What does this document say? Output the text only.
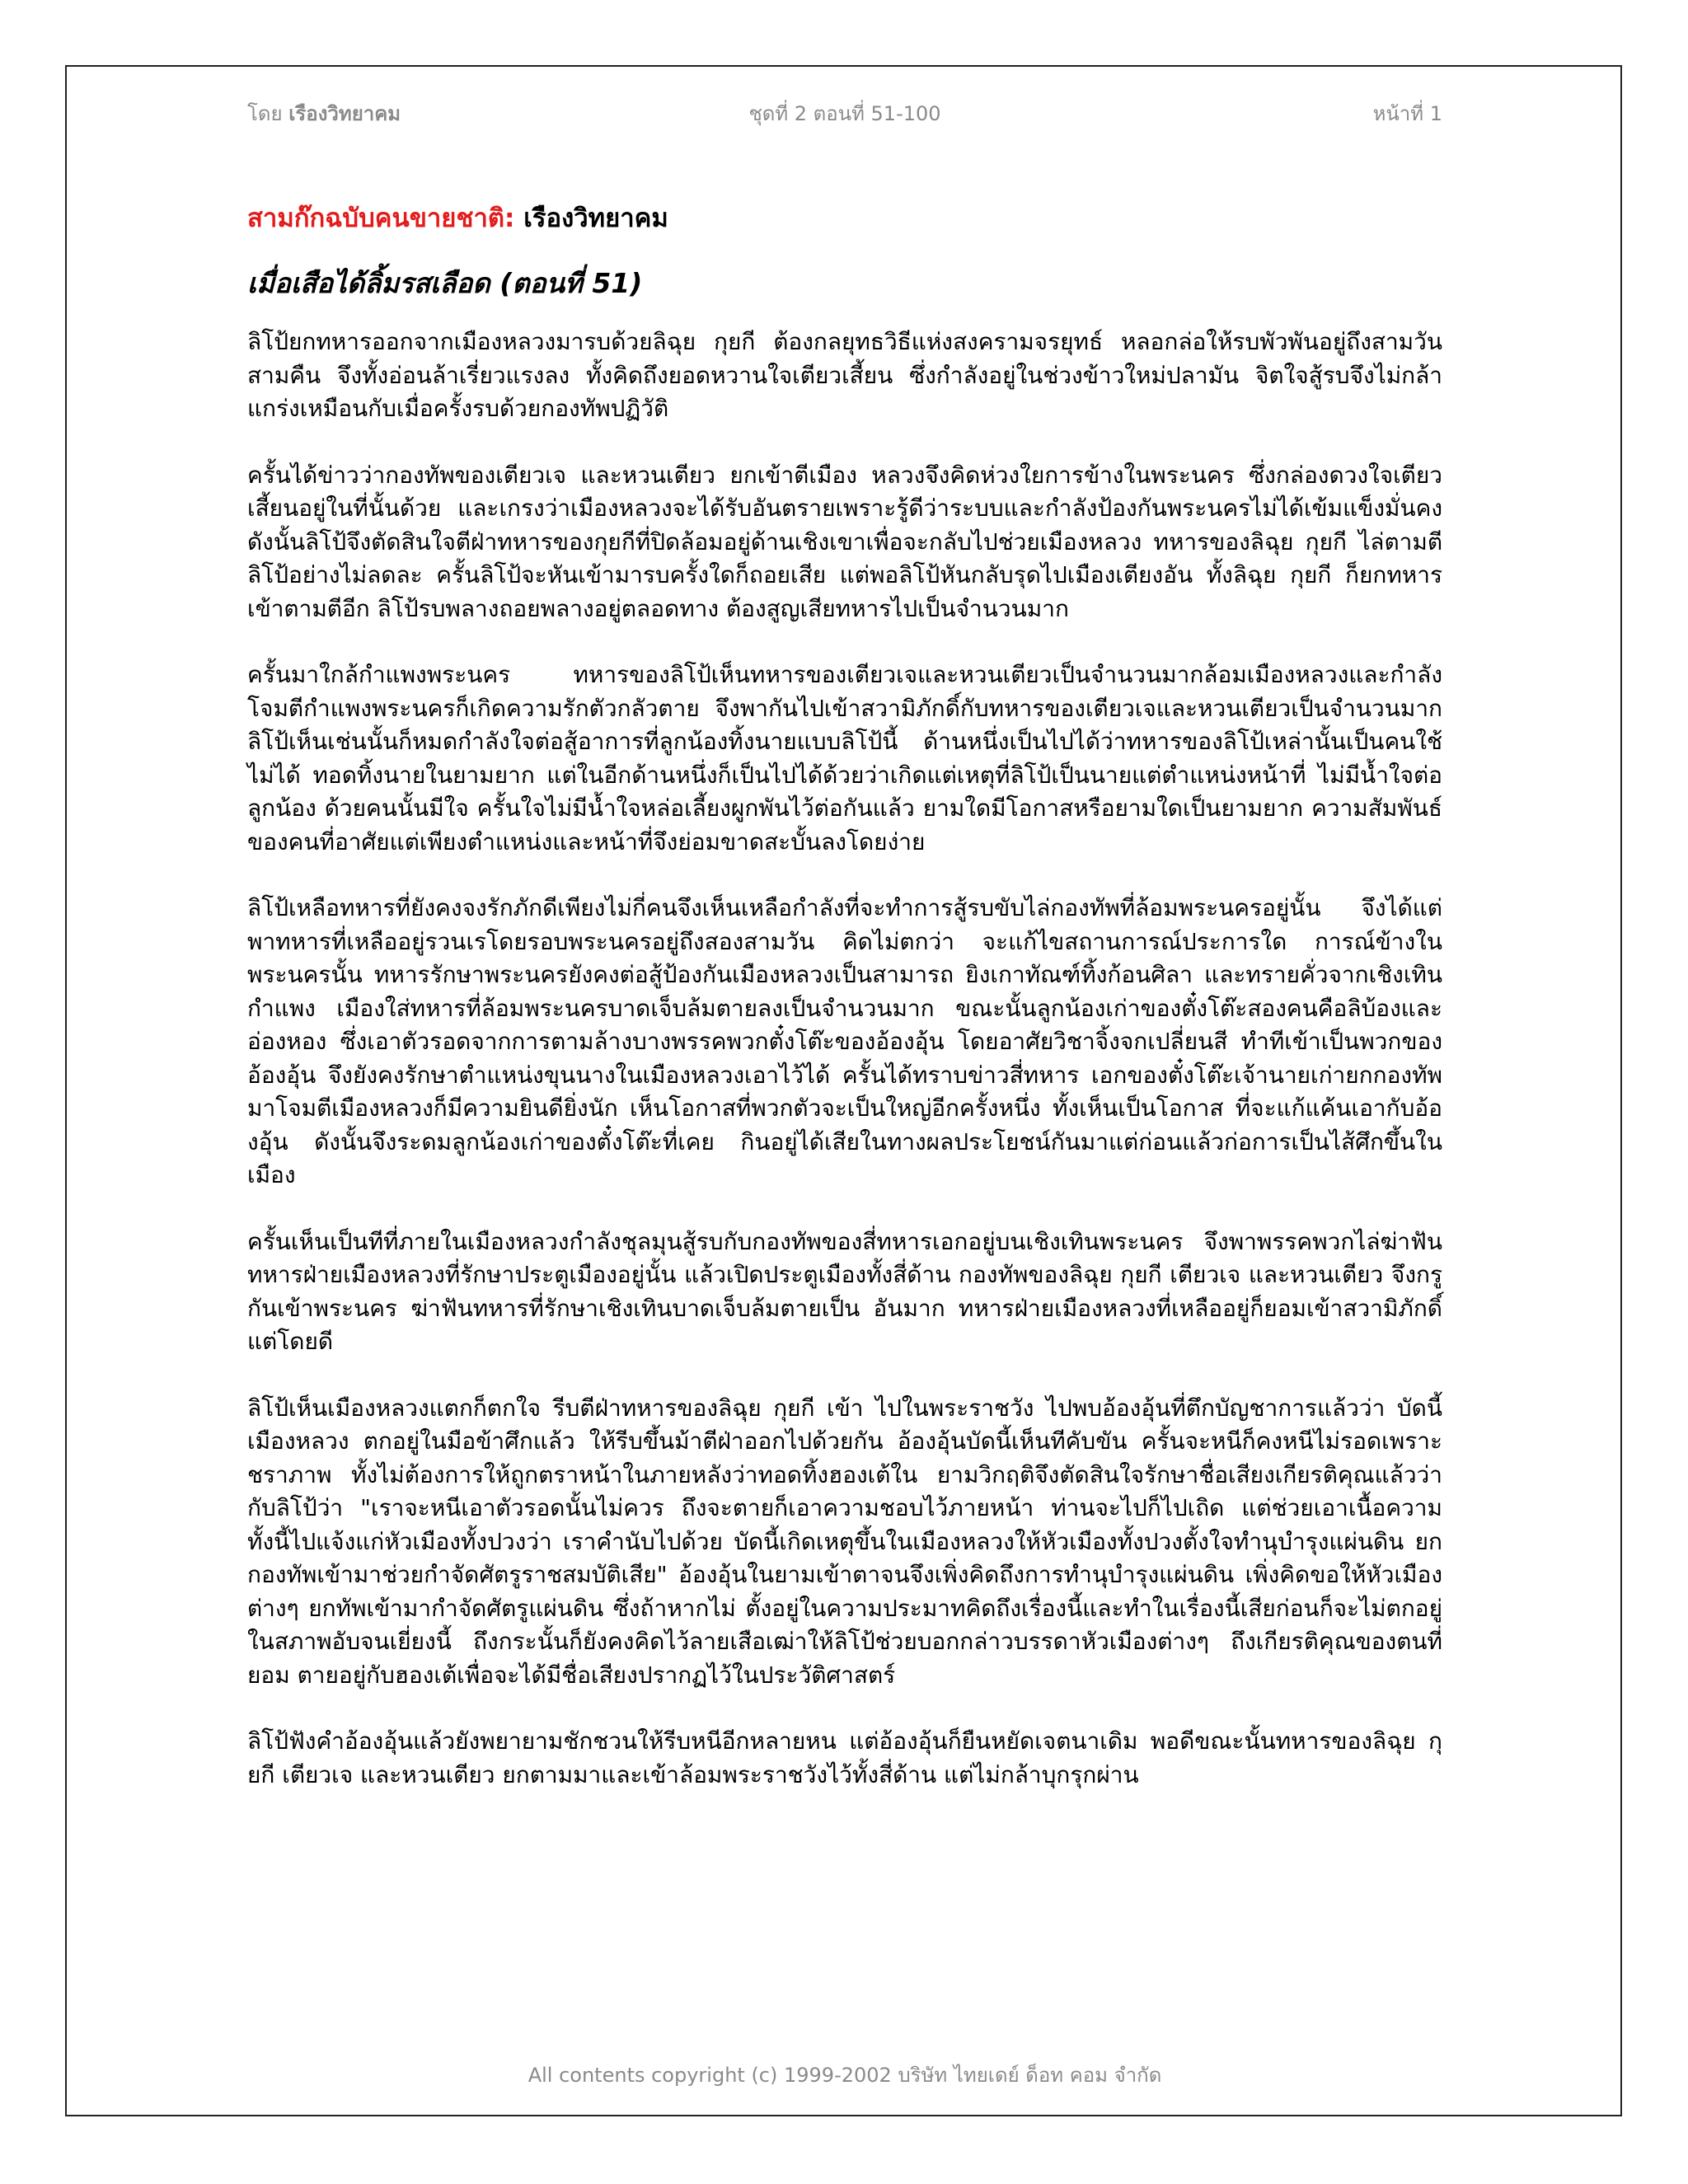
โดย เรืองวิทยาคม	ชุดที่ 2 ตอนที่ 51-100	หน้าที่ 1
สามก๊กฉบับคนขายชาติ: เรืองวิทยาคม
เมื่อเสือได้ลิ้มรสเลือด (ตอนที่ 51)

ลิโป้ยกทหารออกจากเมืองหลวงมารบด้วยลิฉุย กุยกี ต้องกลยุทธวิธีแห่งสงครามจรยุทธ์ หลอกล่อให้รบพัวพันอยู่ถึงสามวันสามคืน จึงทั้งอ่อนล้าเรี่ยวแรงลง ทั้งคิดถึงยอดหวานใจเตียวเสี้ยน ซึ่งกำลังอยู่ในช่วงข้าวใหม่ปลามัน จิตใจสู้รบจึงไม่กล้าแกร่งเหมือนกับเมื่อครั้งรบด้วยกองทัพปฏิวัติ

ครั้นได้ข่าวว่ากองทัพของเตียวเจ และหวนเตียว ยกเข้าตีเมือง หลวงจึงคิดห่วงใยการข้างในพระนคร ซึ่งกล่องดวงใจเตียวเสี้ยนอยู่ในที่นั้นด้วย และเกรงว่าเมืองหลวงจะได้รับอันตรายเพราะรู้ดีว่าระบบและกำลังป้องกันพระนครไม่ได้เข้มแข็งมั่นคง ดังนั้นลิโป้จึงตัดสินใจตีฝ่าทหารของกุยกีที่ปิดล้อมอยู่ด้านเชิงเขาเพื่อจะกลับไปช่วยเมืองหลวง ทหารของลิฉุย กุยกี ไล่ตามตีลิโป้อย่างไม่ลดละ ครั้นลิโป้จะหันเข้ามารบครั้งใดก็ถอยเสีย แต่พอลิโป้หันกลับรุดไปเมืองเตียงอัน ทั้งลิฉุย กุยกี ก็ยกทหารเข้าตามตีอีก ลิโป้รบพลางถอยพลางอยู่ตลอดทาง ต้องสูญเสียทหารไปเป็นจำนวนมาก

ครั้นมาใกล้กำแพงพระนคร ทหารของลิโป้เห็นทหารของเตียวเจและหวนเตียวเป็นจำนวนมากล้อมเมืองหลวงและกำลังโจมตีกำแพงพระนครก็เกิดความรักตัวกลัวตาย จึงพากันไปเข้าสวามิภักดิ์กับทหารของเตียวเจและหวนเตียวเป็นจำนวนมาก ลิโป้เห็นเช่นนั้นก็หมดกำลังใจต่อสู้อาการที่ลูกน้องทิ้งนายแบบลิโป้นี้ ด้านหนึ่งเป็นไปได้ว่าทหารของลิโป้เหล่านั้นเป็นคนใช้ไม่ได้ ทอดทิ้งนายในยามยาก แต่ในอีกด้านหนึ่งก็เป็นไปได้ด้วยว่าเกิดแต่เหตุที่ลิโป้เป็นนายแต่ตำแหน่งหน้าที่ ไม่มีน้ำใจต่อลูกน้อง ด้วยคนนั้นมีใจ ครั้นใจไม่มีน้ำใจหล่อเลี้ยงผูกพันไว้ต่อกันแล้ว ยามใดมีโอกาสหรือยามใดเป็นยามยาก ความสัมพันธ์ของคนที่อาศัยแต่เพียงตำแหน่งและหน้าที่จึงย่อมขาดสะบั้นลงโดยง่าย

ลิโป้เหลือทหารที่ยังคงจงรักภักดีเพียงไม่กี่คนจึงเห็นเหลือกำลังที่จะทำการสู้รบขับไล่กองทัพที่ล้อมพระนครอยู่นั้น จึงได้แต่พาทหารที่เหลืออยู่รวนเรโดยรอบพระนครอยู่ถึงสองสามวัน คิดไม่ตกว่า จะแก้ไขสถานการณ์ประการใด การณ์ข้างในพระนครนั้น ทหารรักษาพระนครยังคงต่อสู้ป้องกันเมืองหลวงเป็นสามารถ ยิงเกาทัณฑ์ทิ้งก้อนศิลา และทรายคั่วจากเชิงเทินกำแพง เมืองใส่ทหารที่ล้อมพระนครบาดเจ็บล้มตายลงเป็นจำนวนมาก ขณะนั้นลูกน้องเก่าของตั๋งโต๊ะสองคนคือลิบ้องและอ่องหอง ซึ่งเอาตัวรอดจากการตามล้างบางพรรคพวกตั๋งโต๊ะของอ้องอุ้น โดยอาศัยวิชาจิ้งจกเปลี่ยนสี ทำทีเข้าเป็นพวกของอ้องอุ้น จึงยังคงรักษาตำแหน่งขุนนางในเมืองหลวงเอาไว้ได้ ครั้นได้ทราบข่าวสี่ทหาร เอกของตั๋งโต๊ะเจ้านายเก่ายกกองทัพมาโจมตีเมืองหลวงก็มีความยินดียิ่งนัก เห็นโอกาสที่พวกตัวจะเป็นใหญ่อีกครั้งหนึ่ง ทั้งเห็นเป็นโอกาส ที่จะแก้แค้นเอากับอ้องอุ้น ดังนั้นจึงระดมลูกน้องเก่าของตั๋งโต๊ะที่เคย กินอยู่ได้เสียในทางผลประโยชน์กันมาแต่ก่อนแล้วก่อการเป็นไส้ศึกขึ้นในเมือง

ครั้นเห็นเป็นทีที่ภายในเมืองหลวงกำลังชุลมุนสู้รบกับกองทัพของสี่ทหารเอกอยู่บนเชิงเทินพระนคร จึงพาพรรคพวกไล่ฆ่าฟันทหารฝ่ายเมืองหลวงที่รักษาประตูเมืองอยู่นั้น แล้วเปิดประตูเมืองทั้งสี่ด้าน กองทัพของลิฉุย กุยกี เตียวเจ และหวนเตียว จึงกรูกันเข้าพระนคร ฆ่าฟันทหารที่รักษาเชิงเทินบาดเจ็บล้มตายเป็น อันมาก ทหารฝ่ายเมืองหลวงที่เหลืออยู่ก็ยอมเข้าสวามิภักดิ์แต่โดยดี

ลิโป้เห็นเมืองหลวงแตกก็ตกใจ รีบตีฝ่าทหารของลิฉุย กุยกี เข้า ไปในพระราชวัง ไปพบอ้องอุ้นที่ตึกบัญชาการแล้วว่า บัดนี้เมืองหลวง ตกอยู่ในมือข้าศึกแล้ว ให้รีบขึ้นม้าตีฝ่าออกไปด้วยกัน อ้องอุ้นบัดนี้เห็นทีคับขัน ครั้นจะหนีก็คงหนีไม่รอดเพราะชราภาพ ทั้งไม่ต้องการให้ถูกตราหน้าในภายหลังว่าทอดทิ้งฮองเต้ใน ยามวิกฤติจึงตัดสินใจรักษาชื่อเสียงเกียรติคุณแล้วว่ากับลิโป้ว่า "เราจะหนีเอาตัวรอดนั้นไม่ควร ถึงจะตายก็เอาความชอบไว้ภายหน้า ท่านจะไปก็ไปเถิด แต่ช่วยเอาเนื้อความทั้งนี้ไปแจ้งแก่หัวเมืองทั้งปวงว่า เราคำนับไปด้วย บัดนี้เกิดเหตุขึ้นในเมืองหลวงให้หัวเมืองทั้งปวงตั้งใจทำนุบำรุงแผ่นดิน ยกกองทัพเข้ามาช่วยกำจัดศัตรูราชสมบัติเสีย" อ้องอุ้นในยามเข้าตาจนจึงเพิ่งคิดถึงการทำนุบำรุงแผ่นดิน เพิ่งคิดขอให้หัวเมืองต่างๆ ยกทัพเข้ามากำจัดศัตรูแผ่นดิน ซึ่งถ้าหากไม่ ตั้งอยู่ในความประมาทคิดถึงเรื่องนี้และทำในเรื่องนี้เสียก่อนก็จะไม่ตกอยู่ในสภาพอับจนเยี่ยงนี้ ถึงกระนั้นก็ยังคงคิดไว้ลายเสือเฒ่าให้ลิโป้ช่วยบอกกล่าวบรรดาหัวเมืองต่างๆ ถึงเกียรติคุณของตนที่ยอม ตายอยู่กับฮองเต้เพื่อจะได้มีชื่อเสียงปรากฏไว้ในประวัติศาสตร์

ลิโป้ฟังคำอ้องอุ้นแล้วยังพยายามชักชวนให้รีบหนีอีกหลายหน แต่อ้องอุ้นก็ยืนหยัดเจตนาเดิม พอดีขณะนั้นทหารของลิฉุย กุยกี เตียวเจ และหวนเตียว ยกตามมาและเข้าล้อมพระราชวังไว้ทั้งสี่ด้าน แต่ไม่กล้าบุกรุกผ่าน

All contents copyright (c) 1999-2002 บริษัท ไทยเดย์ ด็อท คอม จำกัด
